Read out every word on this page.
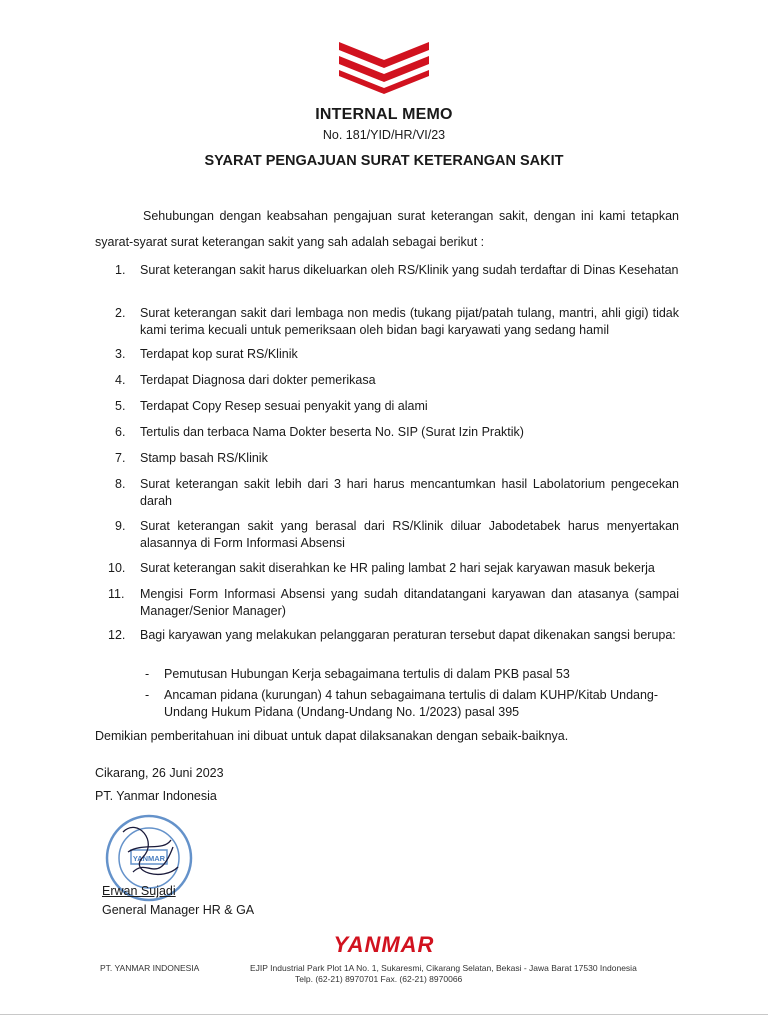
INTERNAL MEMO
No. 181/YID/HR/VI/23
SYARAT PENGAJUAN SURAT KETERANGAN SAKIT
Sehubungan dengan keabsahan pengajuan surat keterangan sakit, dengan ini kami tetapkan syarat-syarat surat keterangan sakit yang sah adalah sebagai berikut :
1.	Surat keterangan sakit harus dikeluarkan oleh RS/Klinik yang sudah terdaftar di Dinas Kesehatan
2.	Surat keterangan sakit dari lembaga non medis (tukang pijat/patah tulang, mantri, ahli gigi) tidak kami terima kecuali untuk pemeriksaan oleh bidan bagi karyawati yang sedang hamil
3.	Terdapat kop surat RS/Klinik
4.	Terdapat Diagnosa dari dokter pemerikasa
5.	Terdapat Copy Resep sesuai penyakit yang di alami
6.	Tertulis dan terbaca Nama Dokter beserta No. SIP (Surat Izin Praktik)
7.	Stamp basah RS/Klinik
8.	Surat keterangan sakit lebih dari 3 hari harus mencantumkan hasil Labolatorium pengecekan darah
9.	Surat keterangan sakit yang berasal dari RS/Klinik diluar Jabodetabek harus menyertakan alasannya di Form Informasi Absensi
10.	Surat keterangan sakit diserahkan ke HR paling lambat 2 hari sejak karyawan masuk bekerja
11.	Mengisi Form Informasi Absensi yang sudah ditandatangani karyawan dan atasanya (sampai Manager/Senior Manager)
12.	Bagi karyawan yang melakukan pelanggaran peraturan tersebut dapat dikenakan sangsi berupa:
- Pemutusan Hubungan Kerja sebagaimana tertulis di dalam PKB pasal 53
- Ancaman pidana (kurungan) 4 tahun sebagaimana tertulis di dalam KUHP/Kitab Undang-Undang Hukum Pidana (Undang-Undang No. 1/2023) pasal 395
Demikian pemberitahuan ini dibuat untuk dapat dilaksanakan dengan sebaik-baiknya.
Cikarang, 26 Juni 2023
PT. Yanmar Indonesia
YANMAR
Erwan Sujadi
General Manager HR & GA
YANMAR
PT. YANMAR INDONESIA	EJIP Industrial Park Plot 1A No. 1, Sukaresmi, Cikarang Selatan, Bekasi - Jawa Barat 17530 Indonesia
Telp. (62-21) 8970701 Fax. (62-21) 8970066
